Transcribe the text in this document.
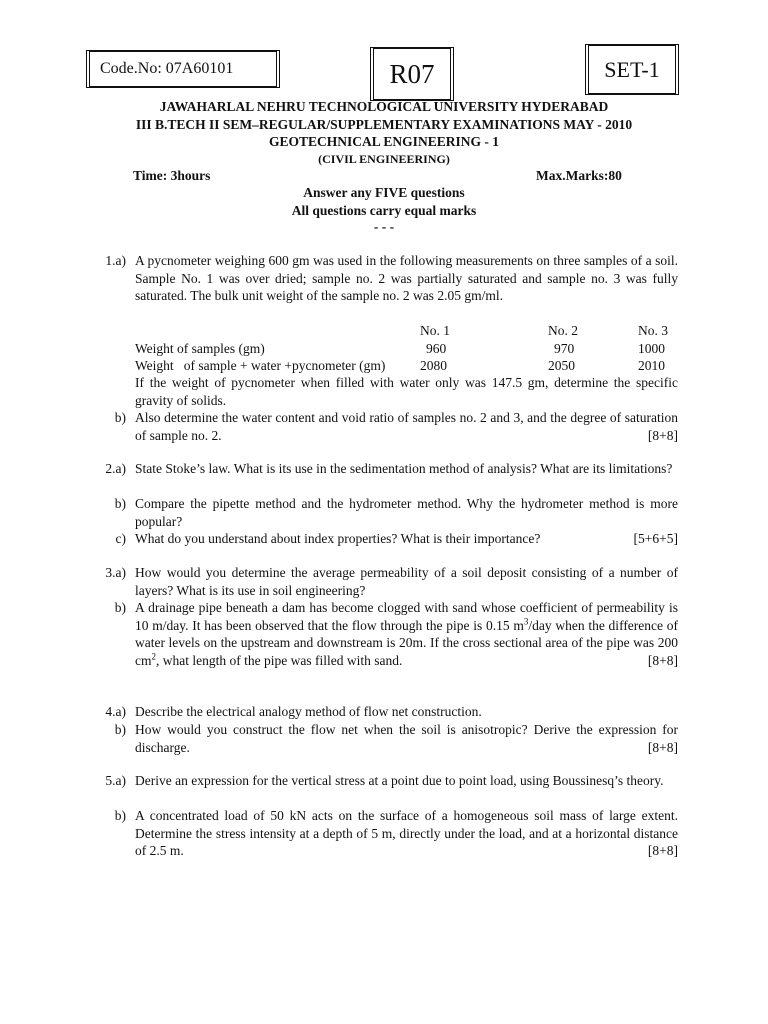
Code.No: 07A60101	R07	SET-1
JAWAHARLAL NEHRU TECHNOLOGICAL UNIVERSITY HYDERABAD
III B.TECH II SEM–REGULAR/SUPPLEMENTARY EXAMINATIONS MAY - 2010
GEOTECHNICAL ENGINEERING - 1
(CIVIL ENGINEERING)
Time: 3hours	Max.Marks:80
Answer any FIVE questions
All questions carry equal marks
- - -
1.a) A pycnometer weighing 600 gm was used in the following measurements on three samples of a soil. Sample No. 1 was over dried; sample no. 2 was partially saturated and sample no. 3 was fully saturated. The bulk unit weight of the sample no. 2 was 2.05 gm/ml.
	No. 1	No. 2	No. 3
Weight of samples (gm)	960	970	1000
Weight   of sample + water +pycnometer (gm)	2080	2050	2010
If the weight of pycnometer when filled with water only was 147.5 gm, determine the specific gravity of solids.
b) Also determine the water content and void ratio of samples no. 2 and 3, and the degree of saturation of sample no. 2.	[8+8]
2.a) State Stoke’s law. What is its use in the sedimentation method of analysis? What are its limitations?
b) Compare the pipette method and the hydrometer method. Why the hydrometer method is more popular?
c) What do you understand about index properties? What is their importance?	[5+6+5]
3.a) How would you determine the average permeability of a soil deposit consisting of a number of layers? What is its use in soil engineering?
b) A drainage pipe beneath a dam has become clogged with sand whose coefficient of permeability is 10 m/day. It has been observed that the flow through the pipe is 0.15 $m^3$/day when the difference of water levels on the upstream and downstream is 20m. If the cross sectional area of the pipe was 200 $cm^2$, what length of the pipe was filled with sand.	[8+8]
4.a) Describe the electrical analogy method of flow net construction.
b) How would you construct the flow net when the soil is anisotropic? Derive the expression for discharge.	[8+8]
5.a) Derive an expression for the vertical stress at a point due to point load, using Boussinesq’s theory.
b) A concentrated load of 50 kN acts on the surface of a homogeneous soil mass of large extent. Determine the stress intensity at a depth of 5 m, directly under the load, and at a horizontal distance of 2.5 m.	[8+8]
